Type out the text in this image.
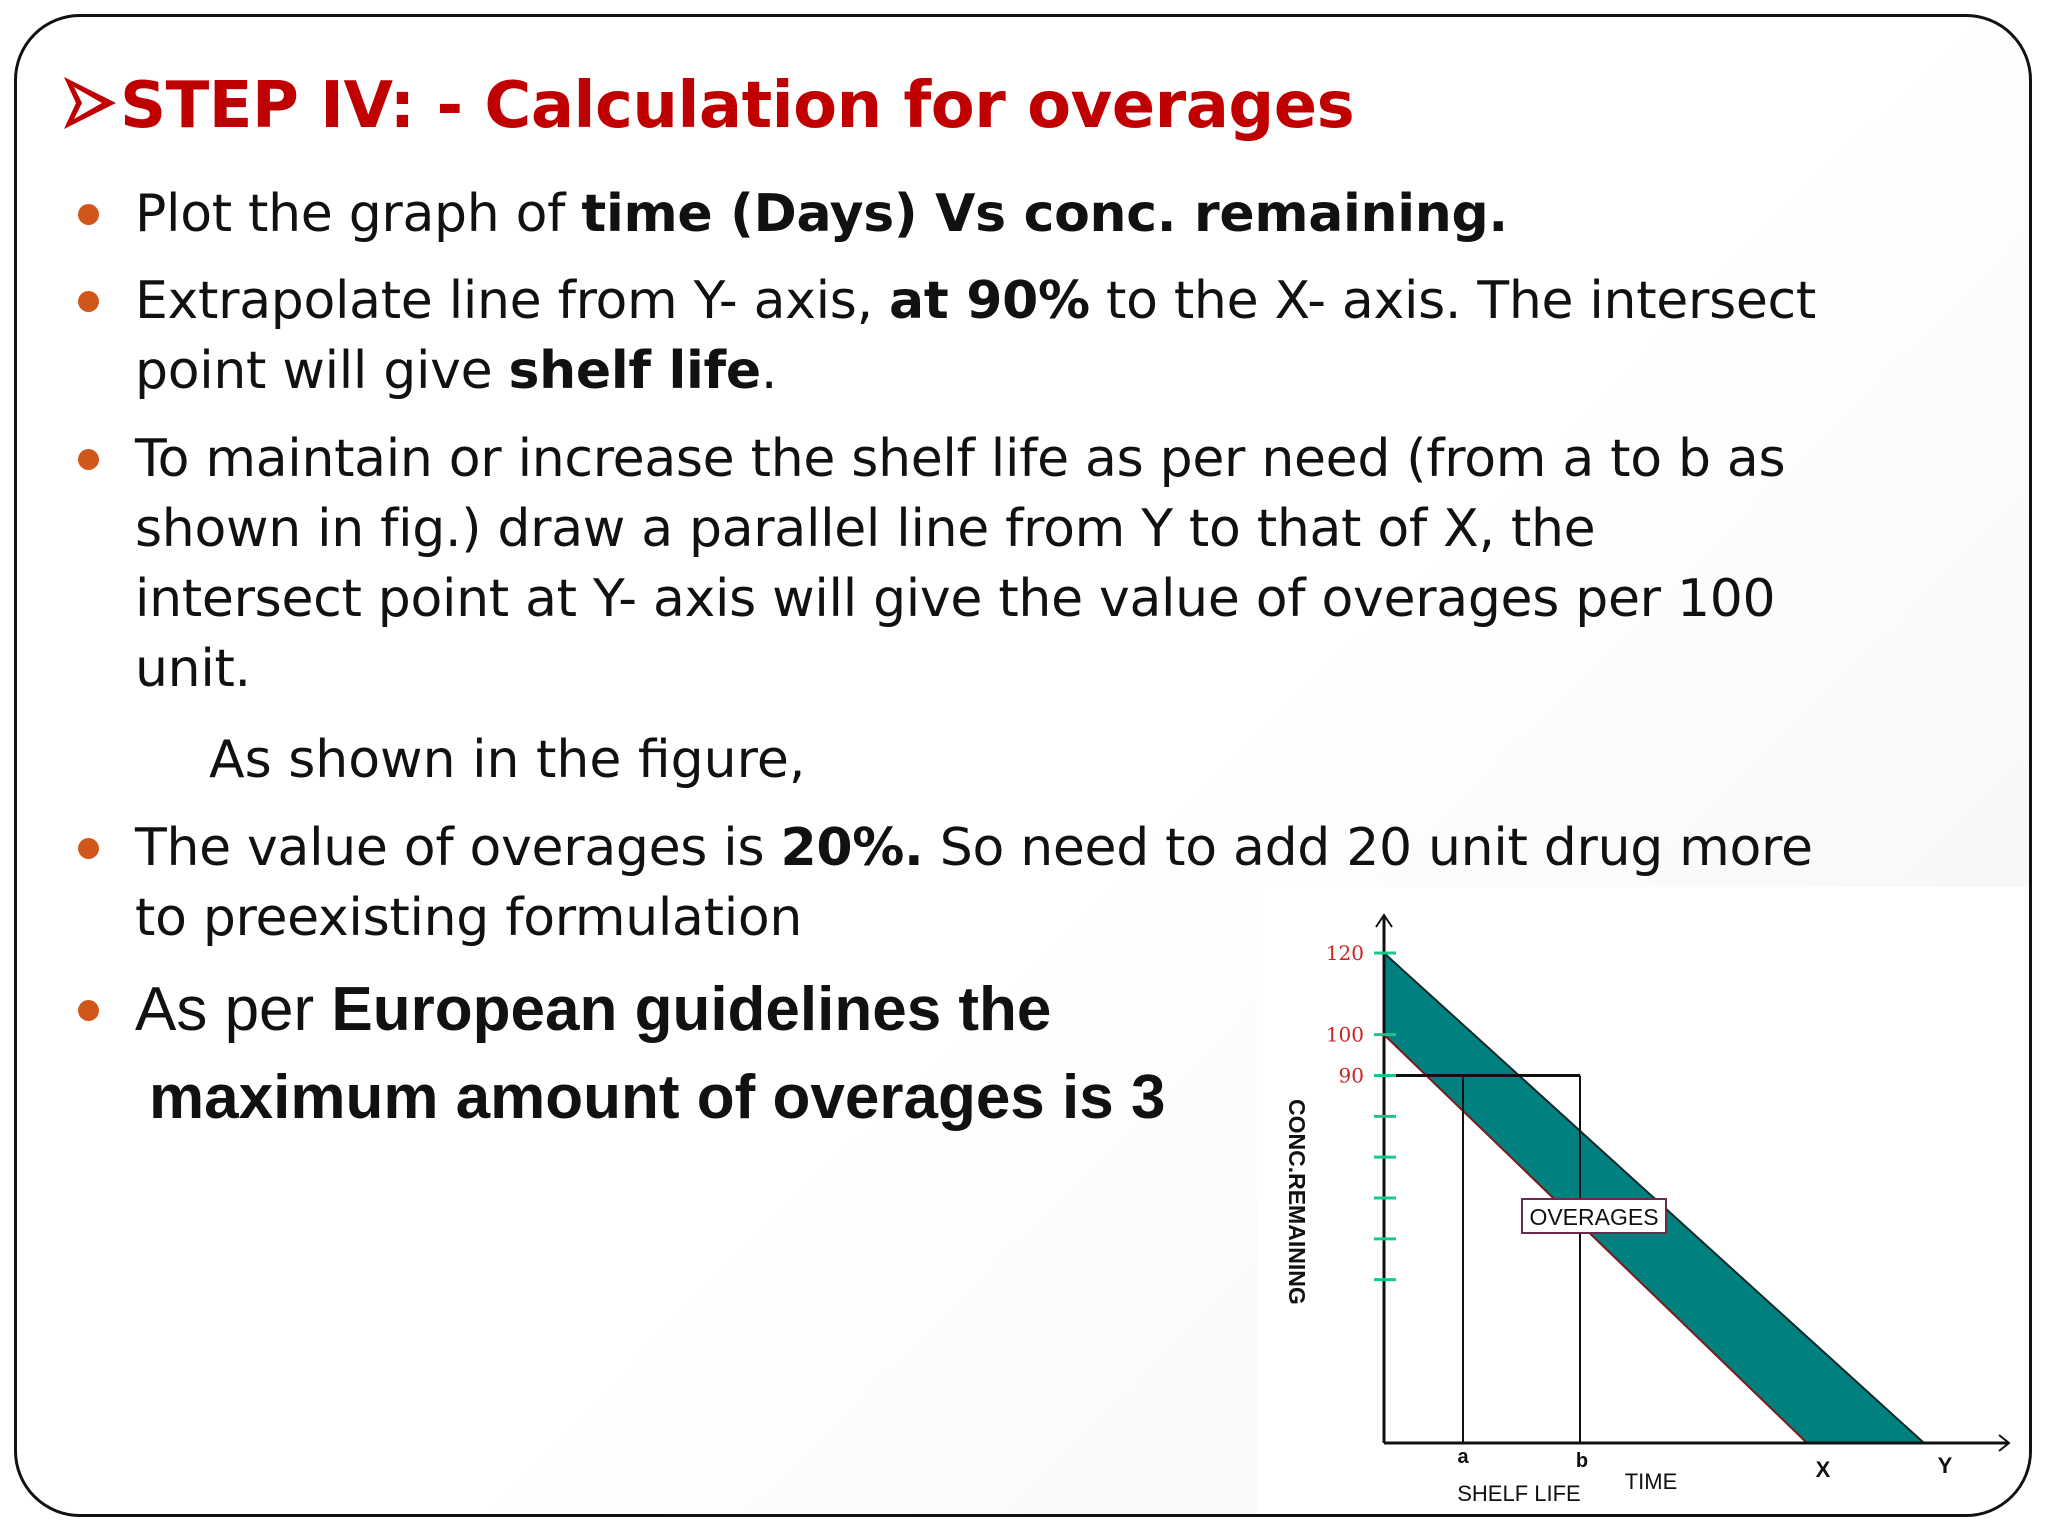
STEP IV: - Calculation for overages
Plot the graph of time (Days) Vs conc. remaining.
Extrapolate line from Y- axis, at 90% to the X- axis. The intersect
point will give shelf life.
To maintain or increase the shelf life as per need (from a to b as
shown in fig.) draw a parallel line from Y to that of X, the
intersect point at Y- axis will give the value of overages per 100
unit.
As shown in the figure,
The value of overages is 20%. So need to add 20 unit drug more
to preexisting formulation
As per European guidelines the
maximum amount of overages is 3
120
100
90
CONC.REMAINING	OVERAGES
a	b	X	Y
SHELF LIFE TIME
